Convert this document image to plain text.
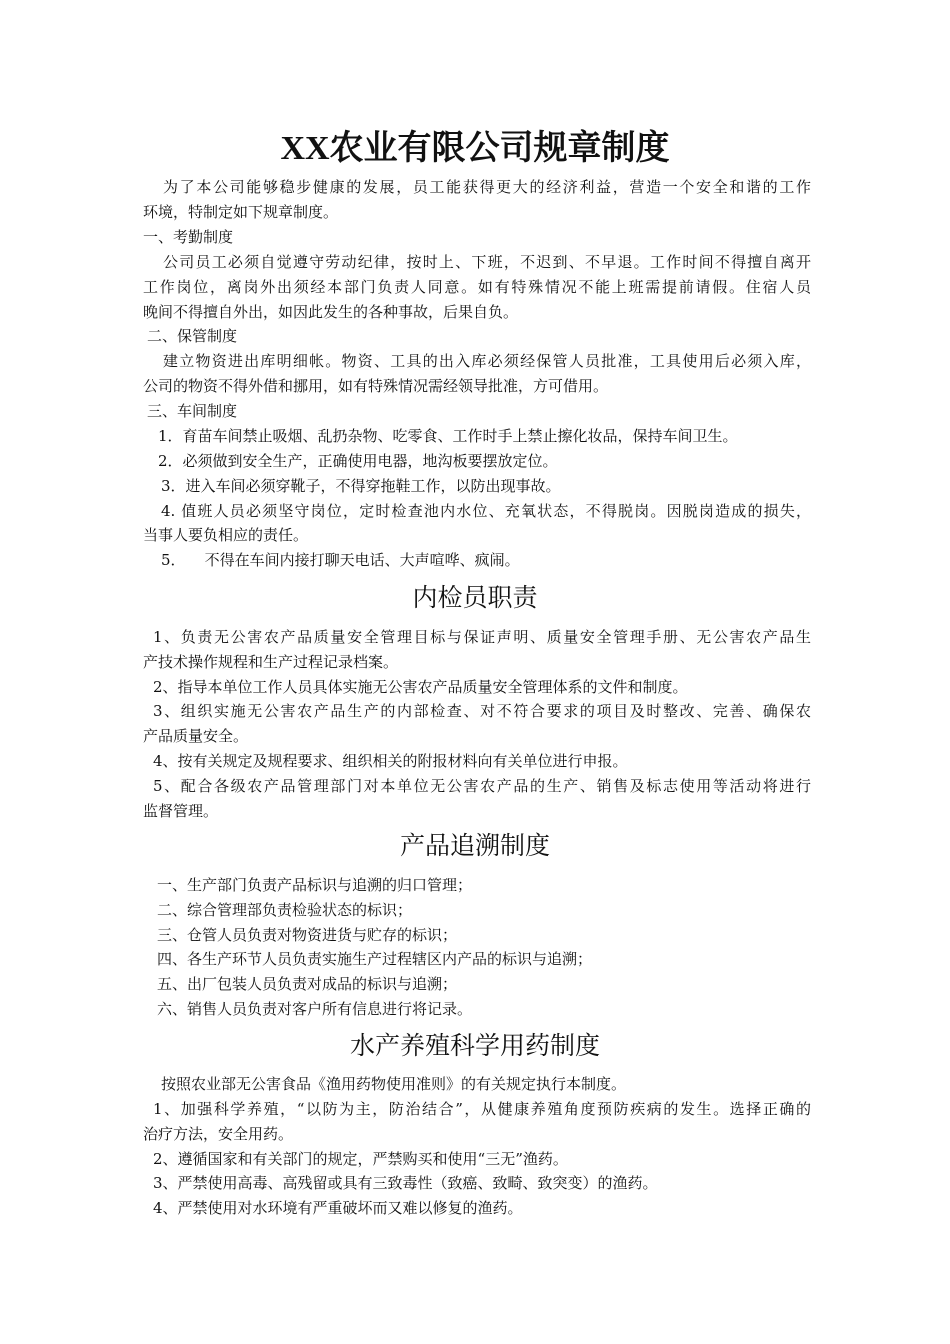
XX农业有限公司规章制度
为了本公司能够稳步健康的发展，员工能获得更大的经济利益，营造一个安全和谐的工作
环境，特制定如下规章制度。
一、考勤制度
公司员工必须自觉遵守劳动纪律，按时上、下班，不迟到、不早退。工作时间不得擅自离开
工作岗位，离岗外出须经本部门负责人同意。如有特殊情况不能上班需提前请假。住宿人员
晚间不得擅自外出，如因此发生的各种事故，后果自负。
二、保管制度
建立物资进出库明细帐。物资、工具的出入库必须经保管人员批准，工具使用后必须入库，
公司的物资不得外借和挪用，如有特殊情况需经领导批准，方可借用。
三、车间制度
1．育苗车间禁止吸烟、乱扔杂物、吃零食、工作时手上禁止擦化妆品，保持车间卫生。
2．必须做到安全生产，正确使用电器，地沟板要摆放定位。
3．进入车间必须穿靴子，不得穿拖鞋工作，以防出现事故。
4. 值班人员必须坚守岗位，定时检查池内水位、充氧状态，不得脱岗。因脱岗造成的损失，
当事人要负相应的责任。
5．    不得在车间内接打聊天电话、大声喧哗、疯闹。
内检员职责
1、负责无公害农产品质量安全管理目标与保证声明、质量安全管理手册、无公害农产品生
产技术操作规程和生产过程记录档案。
2、指导本单位工作人员具体实施无公害农产品质量安全管理体系的文件和制度。
3、组织实施无公害农产品生产的内部检查、对不符合要求的项目及时整改、完善、确保农
产品质量安全。
4、按有关规定及规程要求、组织相关的附报材料向有关单位进行申报。
5、配合各级农产品管理部门对本单位无公害农产品的生产、销售及标志使用等活动将进行
监督管理。
产品追溯制度
一、生产部门负责产品标识与追溯的归口管理；
二、综合管理部负责检验状态的标识；
三、仓管人员负责对物资进货与贮存的标识；
四、各生产环节人员负责实施生产过程辖区内产品的标识与追溯；
五、出厂包装人员负责对成品的标识与追溯；
六、销售人员负责对客户所有信息进行将记录。
水产养殖科学用药制度
按照农业部无公害食品《渔用药物使用准则》的有关规定执行本制度。
1、加强科学养殖，“以防为主，防治结合”，从健康养殖角度预防疾病的发生。选择正确的
治疗方法，安全用药。
2、遵循国家和有关部门的规定，严禁购买和使用“三无”渔药。
3、严禁使用高毒、高残留或具有三致毒性（致癌、致畸、致突变）的渔药。
4、严禁使用对水环境有严重破坏而又难以修复的渔药。
